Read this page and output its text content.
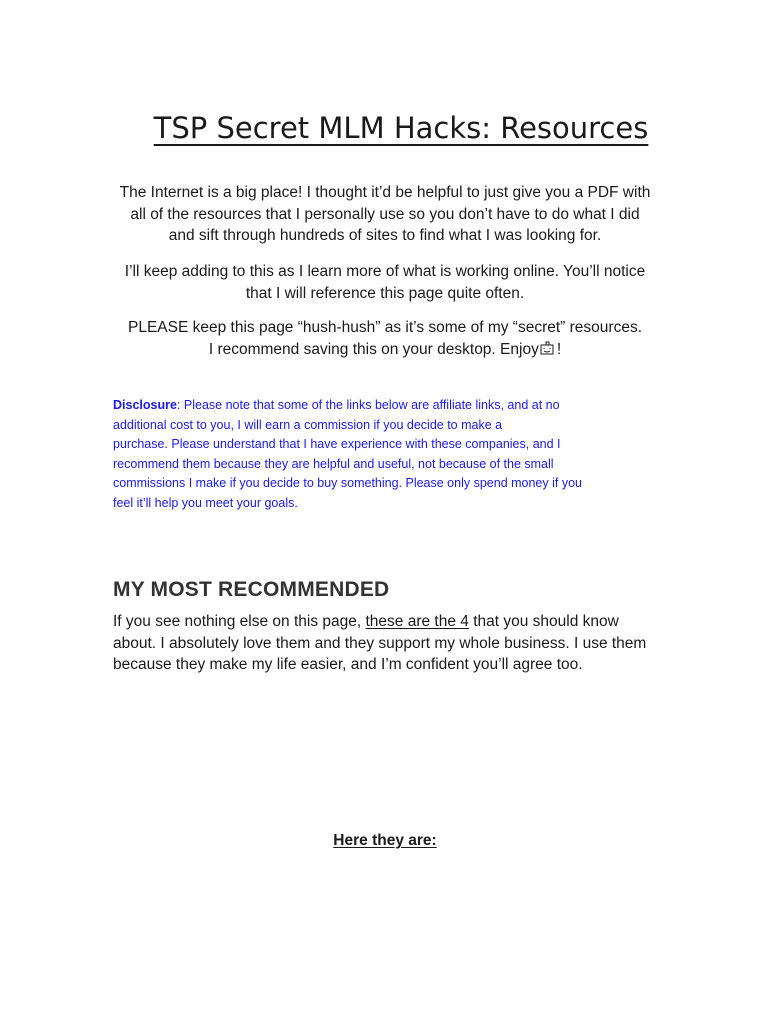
TSP Secret MLM Hacks: Resources

The Internet is a big place! I thought it’d be helpful to just give you a PDF with
all of the resources that I personally use so you don’t have to do what I did
and sift through hundreds of sites to find what I was looking for.

I’ll keep adding to this as I learn more of what is working online. You’ll notice
that I will reference this page quite often.

PLEASE keep this page “hush-hush” as it’s some of my “secret” resources.
I recommend saving this on your desktop. Enjoy !

Disclosure: Please note that some of the links below are affiliate links, and at no
additional cost to you, I will earn a commission if you decide to make a
purchase. Please understand that I have experience with these companies, and I
recommend them because they are helpful and useful, not because of the small
commissions I make if you decide to buy something. Please only spend money if you
feel it’ll help you meet your goals.

MY MOST RECOMMENDED

If you see nothing else on this page, these are the 4 that you should know
about. I absolutely love them and they support my whole business. I use them
because they make my life easier, and I’m confident you’ll agree too.

Here they are:
